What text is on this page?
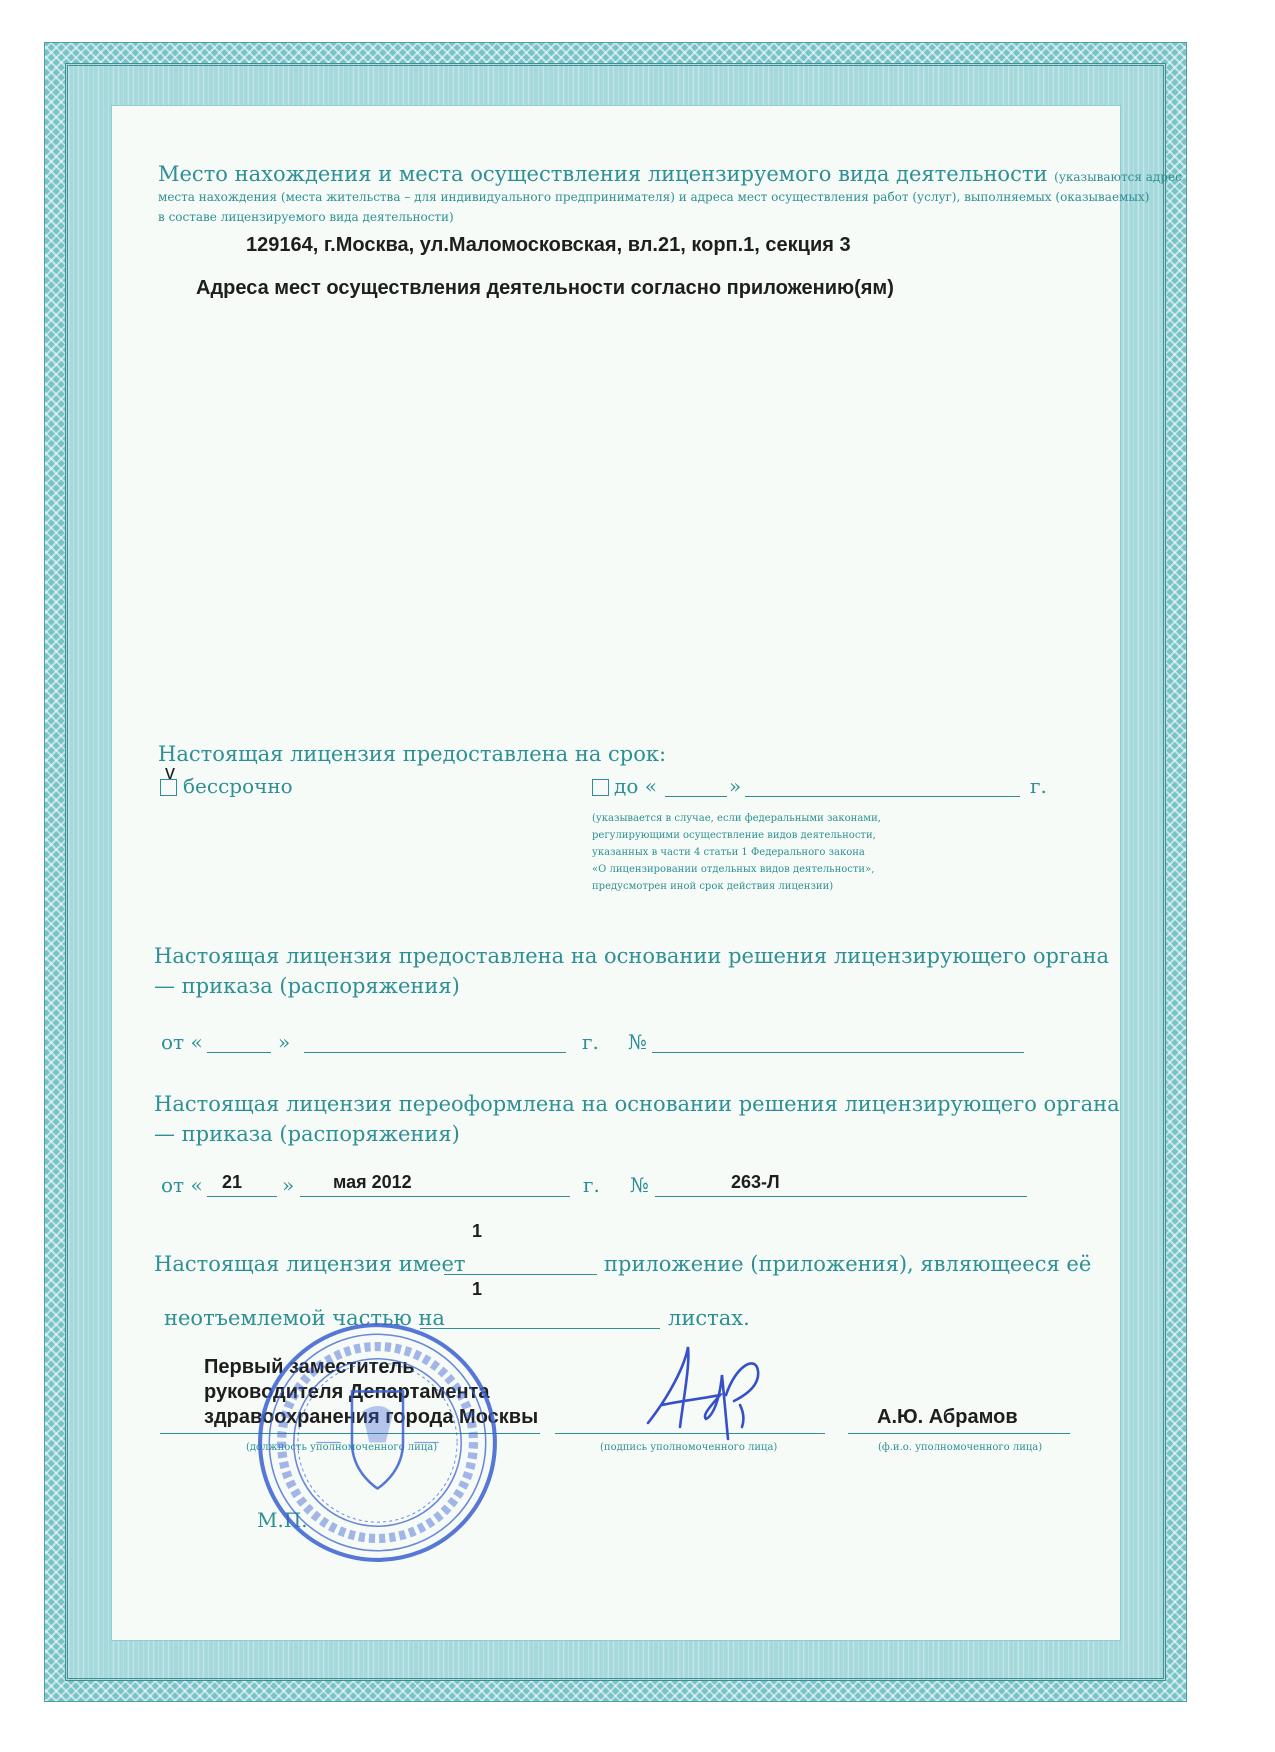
Место нахождения и места осуществления лицензируемого вида деятельности (указываются адрес
места нахождения (места жительства – для индивидуального предпринимателя) и адреса мест осуществления работ (услуг), выполняемых (оказываемых)
в составе лицензируемого вида деятельности)
129164, г.Москва, ул.Маломосковская, вл.21, корп.1, секция 3
Адреса мест осуществления деятельности согласно приложению(ям)
Настоящая лицензия предоставлена на срок:
v
бессрочно	до «	»	г.
(указывается в случае, если федеральными законами,
регулирующими осуществление видов деятельности,
указанных в части 4 статьи 1 Федерального закона
«О лицензировании отдельных видов деятельности»,
предусмотрен иной срок действия лицензии)
Настоящая лицензия предоставлена на основании решения лицензирующего органа
— приказа (распоряжения)
от «	»	г. №
Настоящая лицензия переоформлена на основании решения лицензирующего органа
— приказа (распоряжения)
от « 21 » мая 2012	г. №	263-Л
1
Настоящая лицензия имеет	приложение (приложения), являющееся её
1
неотъемлемой частью на	листах.
Первый заместитель
руководителя Департамента
здравоохранения города Москвы	А.Ю. Абрамов
(должность уполномоченного лица)	(подпись уполномоченного лица)	(ф.и.о. уполномоченного лица)
М.П.
